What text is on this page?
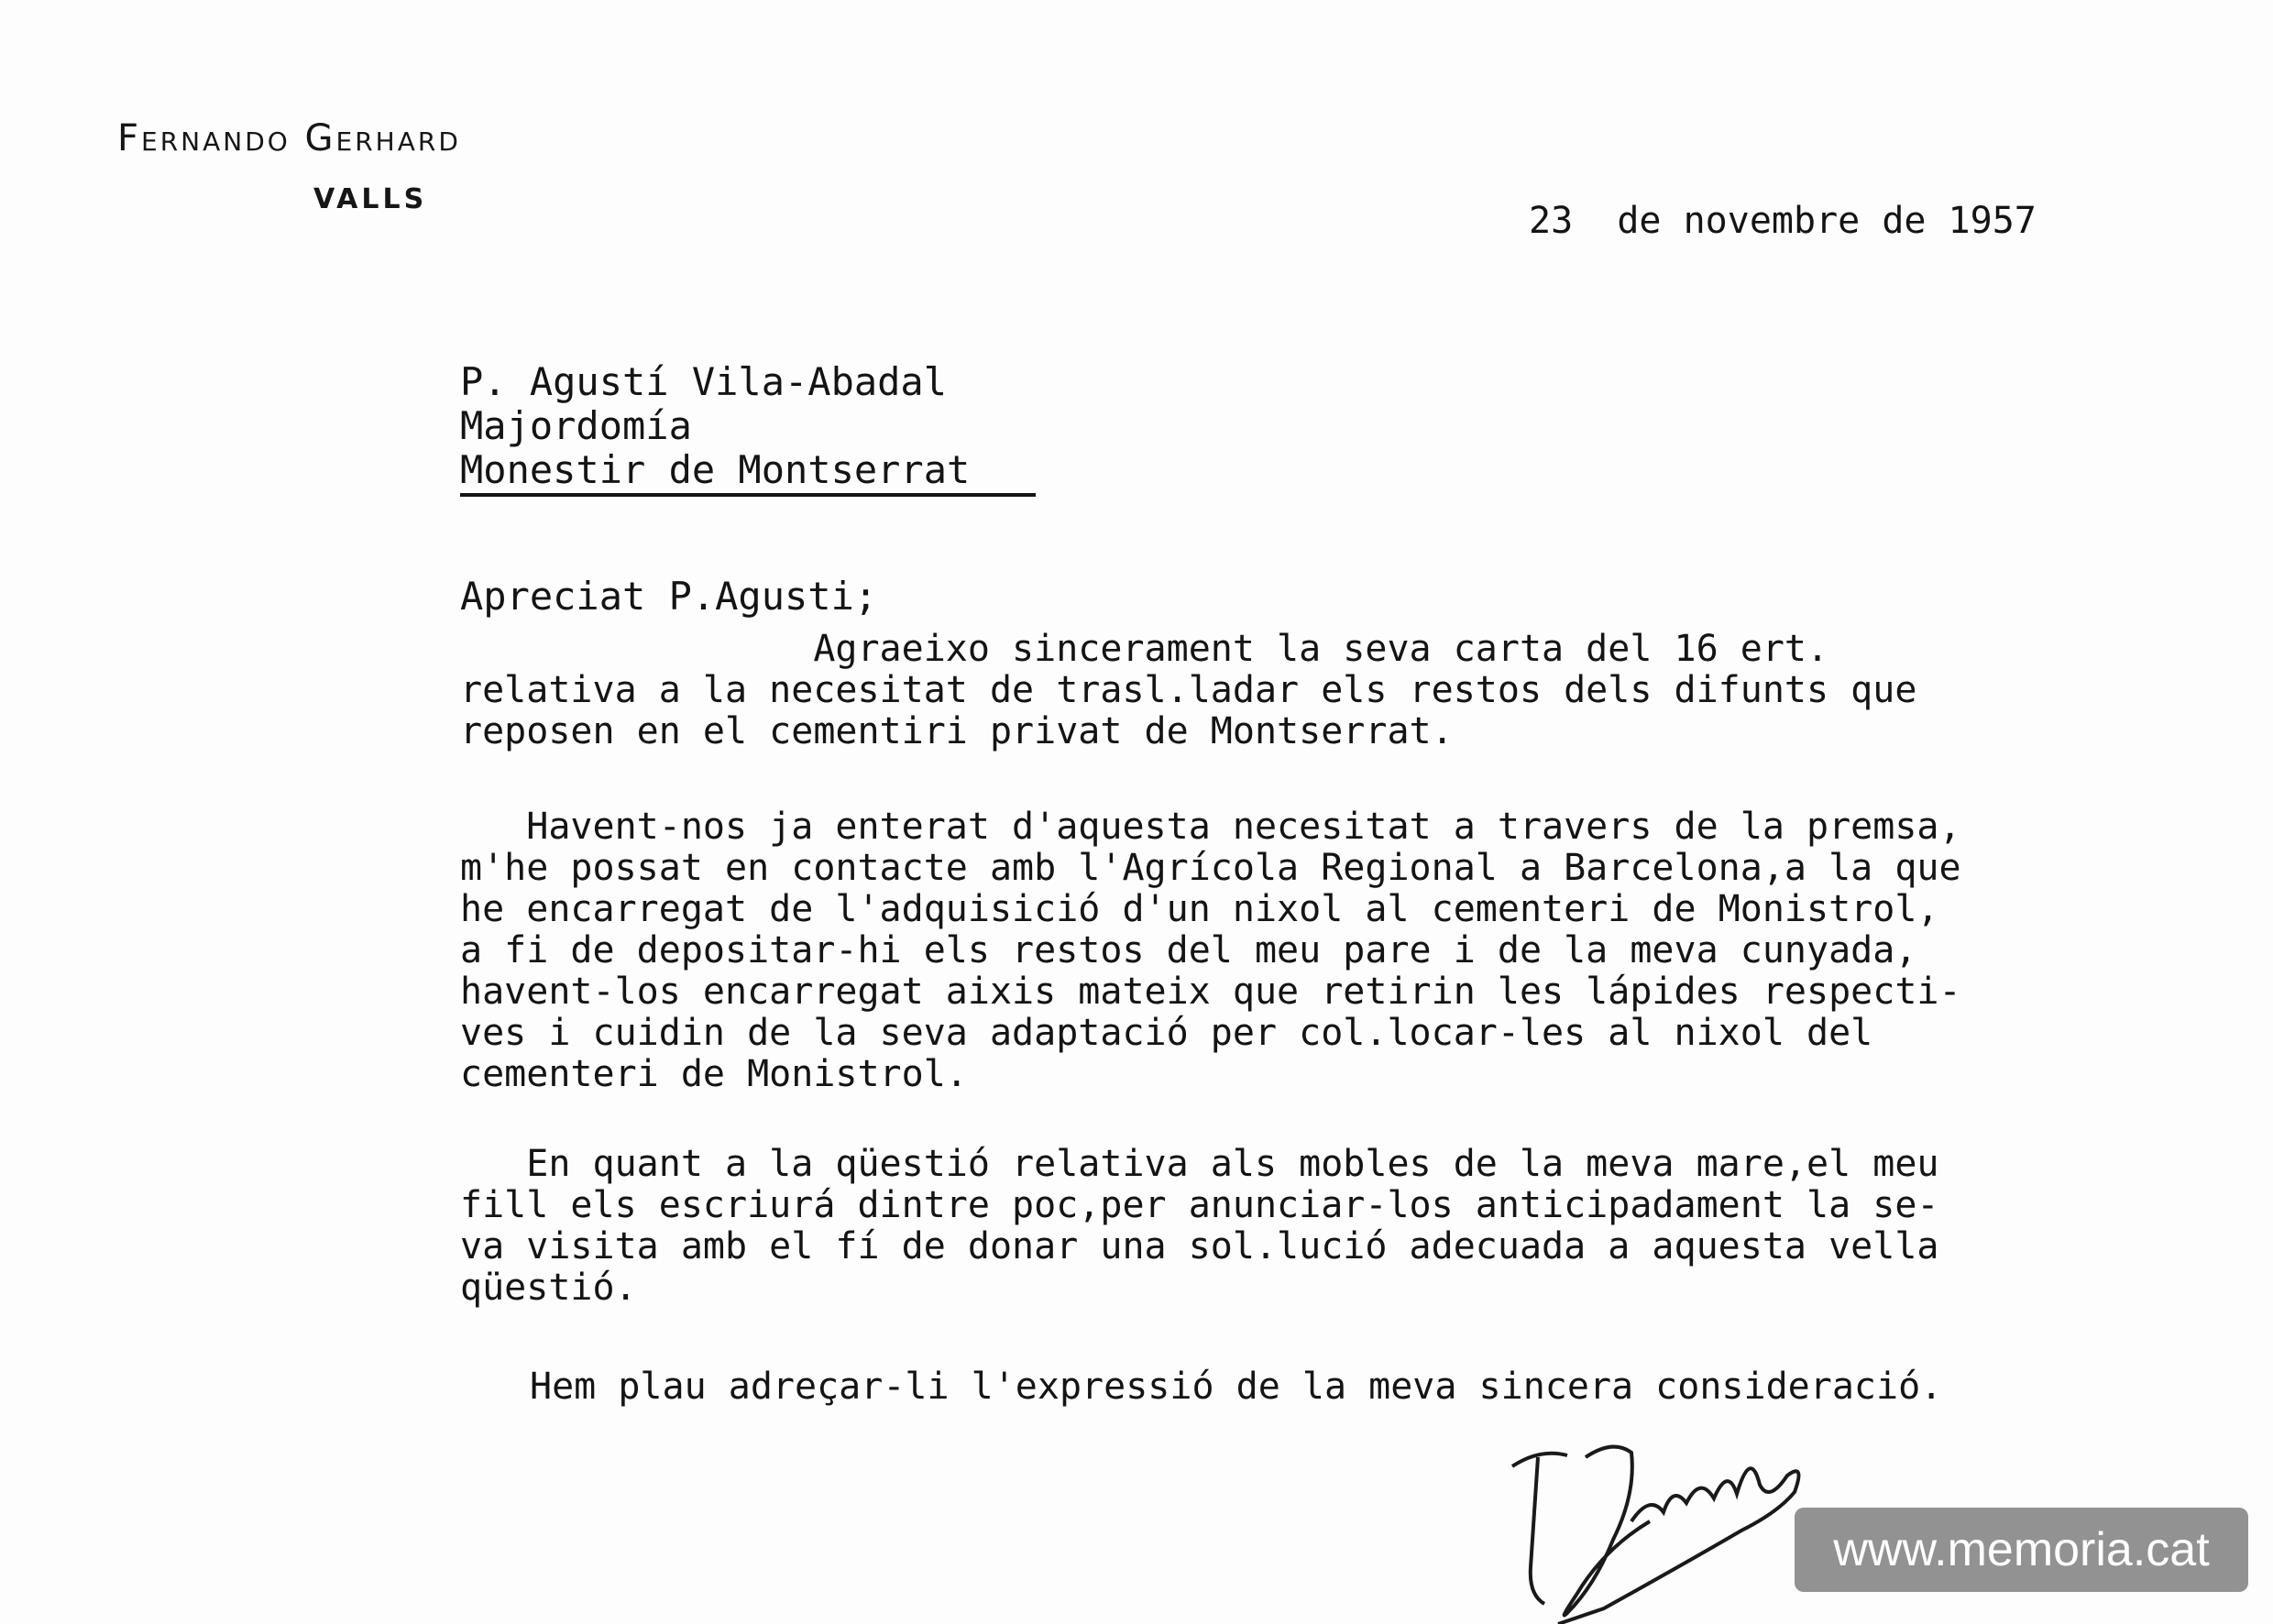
Fernando Gerhard
VALLS

23  de novembre de 1957

P. Agustí Vila-Abadal

Majordomía

Monestir de Montserrat

Apreciat P.Agusti;

Agraeixo sincerament la seva carta del 16 ert.
relativa a la necesitat de trasl.ladar els restos dels difunts que
reposen en el cementiri privat de Montserrat.
Havent-nos ja enterat d'aquesta necesitat a travers de la premsa,
m'he possat en contacte amb l'Agrícola Regional a Barcelona,a la que
he encarregat de l'adquisició d'un nixol al cementeri de Monistrol,
a fi de depositar-hi els restos del meu pare i de la meva cunyada,
havent-los encarregat aixis mateix que retirin les lápides respecti-
ves i cuidin de la seva adaptació per col.locar-les al nixol del
cementeri de Monistrol.
En quant a la qüestió relativa als mobles de la meva mare,el meu
fill els escriurá dintre poc,per anunciar-los anticipadament la se-
va visita amb el fí de donar una sol.lució adecuada a aquesta vella
qüestió.

Hem plau adreçar-li l'expressió de la meva sincera consideració.

www.memoria.cat
